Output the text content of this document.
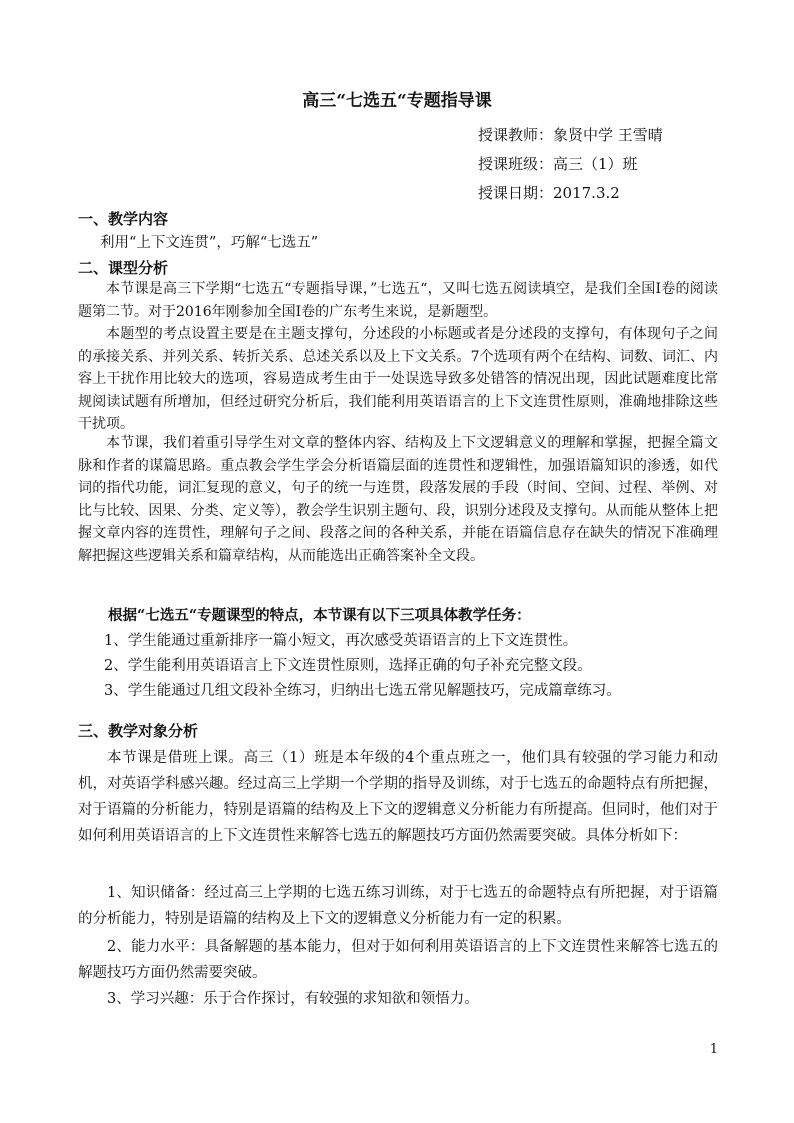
高三“七选五“专题指导课
授课教师：象贤中学 王雪晴
授课班级：高三（1）班
授课日期：2017.3.2
一、教学内容
利用“上下文连贯”，巧解“七选五”
二、课型分析
本节课是高三下学期“七选五“专题指导课，”七选五“，又叫七选五阅读填空，是我们全国Ⅰ卷的阅读题第二节。对于2016年刚参加全国Ⅰ卷的广东考生来说，是新题型。
本题型的考点设置主要是在主题支撑句，分述段的小标题或者是分述段的支撑句，有体现句子之间的承接关系、并列关系、转折关系、总述关系以及上下文关系。7个选项有两个在结构、词数、词汇、内容上干扰作用比较大的选项，容易造成考生由于一处误选导致多处错答的情况出现，因此试题难度比常规阅读试题有所增加，但经过研究分析后，我们能利用英语语言的上下文连贯性原则，准确地排除这些干扰项。
本节课，我们着重引导学生对文章的整体内容、结构及上下文逻辑意义的理解和掌握，把握全篇文脉和作者的谋篇思路。重点教会学生学会分析语篇层面的连贯性和逻辑性，加强语篇知识的渗透，如代词的指代功能，词汇复现的意义，句子的统一与连贯，段落发展的手段（时间、空间、过程、举例、对比与比较、因果、分类、定义等），教会学生识别主题句、段，识别分述段及支撑句。从而能从整体上把握文章内容的连贯性，理解句子之间、段落之间的各种关系，并能在语篇信息存在缺失的情况下准确理解把握这些逻辑关系和篇章结构，从而能选出正确答案补全文段。
根据“七选五“专题课型的特点，本节课有以下三项具体教学任务：
1、学生能通过重新排序一篇小短文，再次感受英语语言的上下文连贯性。
2、学生能利用英语语言上下文连贯性原则，选择正确的句子补充完整文段。
3、学生能通过几组文段补全练习，归纳出七选五常见解题技巧，完成篇章练习。
三、教学对象分析
本节课是借班上课。高三（1）班是本年级的4个重点班之一，他们具有较强的学习能力和动机，对英语学科感兴趣。经过高三上学期一个学期的指导及训练，对于七选五的命题特点有所把握，对于语篇的分析能力，特别是语篇的结构及上下文的逻辑意义分析能力有所提高。但同时，他们对于如何利用英语语言的上下文连贯性来解答七选五的解题技巧方面仍然需要突破。具体分析如下：
1、知识储备：经过高三上学期的七选五练习训练，对于七选五的命题特点有所把握，对于语篇的分析能力，特别是语篇的结构及上下文的逻辑意义分析能力有一定的积累。
2、能力水平：具备解题的基本能力，但对于如何利用英语语言的上下文连贯性来解答七选五的解题技巧方面仍然需要突破。
3、学习兴趣：乐于合作探讨，有较强的求知欲和领悟力。
1
